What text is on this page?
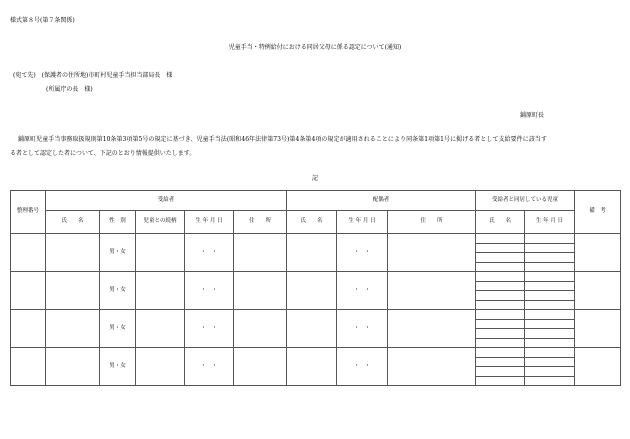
様式第８号(第７条関係)
児童手当・特例給付における同居父母に係る認定について(通知)
(宛て先)　(保護者の住所地)市町村児童手当担当部局長　様
(所属庁の長　様)
鋪原町長
鋪原町児童手当事務取扱規則第10条第3項第5号の規定に基づき、児童手当法(昭和46年法律第73号)第4条第4項の規定が適用されることにより同条第1項第1号に掲げる者として支給要件に該当す
る者として認定した者について、下記のとおり情報提供いたします。
記
整理番号	受給者					配偶者			受給者と同居している児童		備　考
	氏　　名	性　別	児童との続柄	生 年 月 日	住　　所	氏　　名	生 年 月 日	住　　所	氏　　名	生 年 月 日	
		男・女		・　・			・　・				

		男・女		・　・			・　・				

		男・女		・　・			・　・				

		男・女		・　・			・　・				
